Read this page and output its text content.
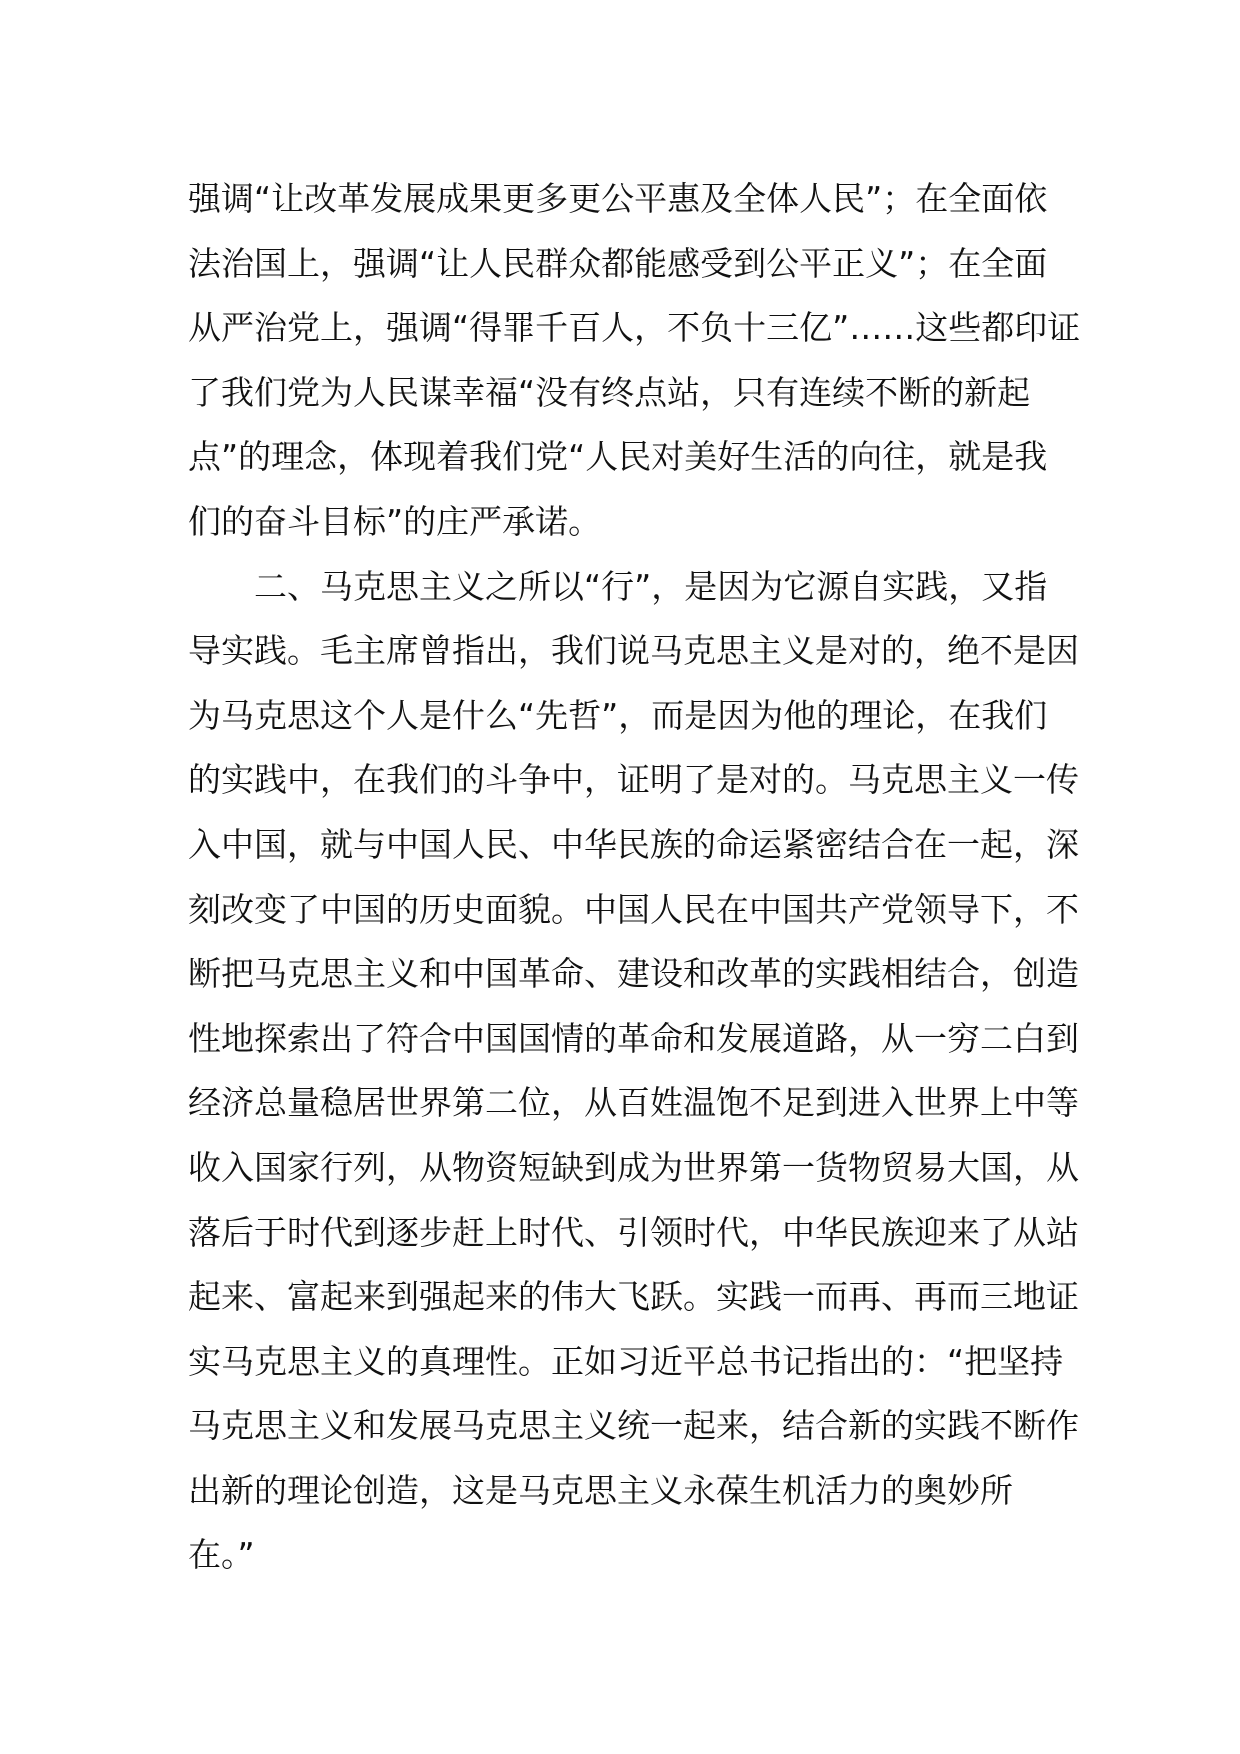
强调“让改革发展成果更多更公平惠及全体人民”；在全面依
法治国上，强调“让人民群众都能感受到公平正义”；在全面
从严治党上，强调“得罪千百人，不负十三亿”……这些都印证
了我们党为人民谋幸福“没有终点站，只有连续不断的新起
点”的理念，体现着我们党“人民对美好生活的向往，就是我
们的奋斗目标”的庄严承诺。
二、马克思主义之所以“行”，是因为它源自实践，又指
导实践。毛主席曾指出，我们说马克思主义是对的，绝不是因
为马克思这个人是什么“先哲”，而是因为他的理论，在我们
的实践中，在我们的斗争中，证明了是对的。马克思主义一传
入中国，就与中国人民、中华民族的命运紧密结合在一起，深
刻改变了中国的历史面貌。中国人民在中国共产党领导下，不
断把马克思主义和中国革命、建设和改革的实践相结合，创造
性地探索出了符合中国国情的革命和发展道路，从一穷二白到
经济总量稳居世界第二位，从百姓温饱不足到进入世界上中等
收入国家行列，从物资短缺到成为世界第一货物贸易大国，从
落后于时代到逐步赶上时代、引领时代，中华民族迎来了从站
起来、富起来到强起来的伟大飞跃。实践一而再、再而三地证
实马克思主义的真理性。正如习近平总书记指出的：“把坚持
马克思主义和发展马克思主义统一起来，结合新的实践不断作
出新的理论创造，这是马克思主义永葆生机活力的奥妙所
在。”
